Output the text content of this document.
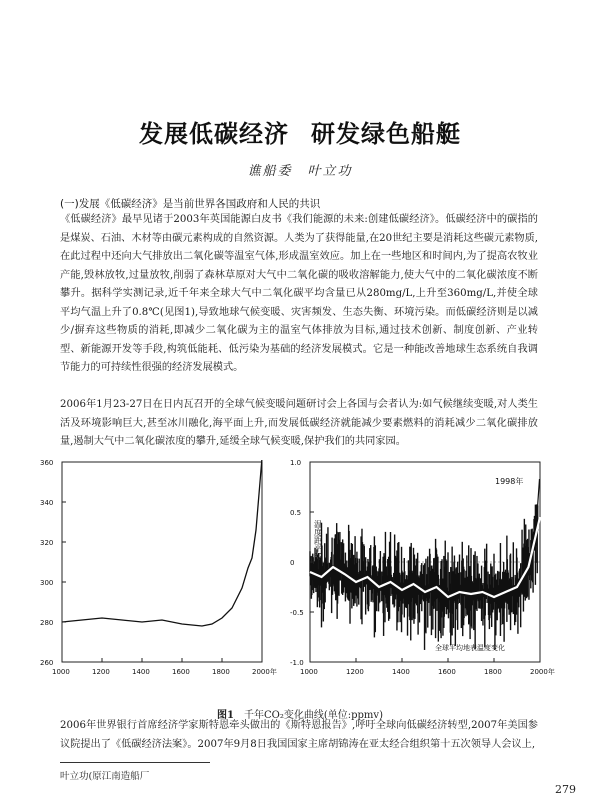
发展低碳经济 研发绿色船艇
谯船委　叶立功
(一)发展《低碳经济》是当前世界各国政府和人民的共识
《低碳经济》最早见诸于2003年英国能源白皮书《我们能源的未来:创建低碳经济》。低碳经济中的碳指的是煤炭、石油、木材等由碳元素构成的自然资源。人类为了获得能量,在20世纪主要是消耗这些碳元素物质,在此过程中还向大气排放出二氧化碳等温室气体,形成温室效应。加上在一些地区和时间内,为了提高农牧业产能,毁林放牧,过量放牧,削弱了森林草原对大气中二氧化碳的吸收溶解能力,使大气中的二氧化碳浓度不断攀升。据科学实测记录,近千年来全球大气中二氧化碳平均含量已从280mg/L,上升至360mg/L,并使全球平均气温上升了0.8℃(见图1),导致地球气候变暖、灾害频发、生态失衡、环境污染。而低碳经济则是以减少/摒弃这些物质的消耗,即减少二氧化碳为主的温室气体排放为目标,通过技术创新、制度创新、产业转型、新能源开发等手段,构筑低能耗、低污染为基础的经济发展模式。它是一种能改善地球生态系统自我调节能力的可持续性很强的经济发展模式。
2006年1月23-27日在日内瓦召开的全球气候变暖问题研讨会上各国与会者认为:如气候继续变暖,对人类生活及环境影响巨大,甚至冰川融化,海平面上升,而发展低碳经济就能减少要素燃料的消耗减少二氧化碳排放量,遏制大气中二氧化碳浓度的攀升,延缓全球气候变暖,保护我们的共同家园。
260
280
300
320
340
360
1000	1200	1400	1600	1800	2000年
1.0
0.5
0
-0.5
-1.0
1000	1200	1400	1600	1800	2000年
1998年
全球平均地表温度变化
温度距平℃
图1 千年CO₂变化曲线(单位:ppmv)
2006年世界银行首席经济学家斯特恩牵头做出的《斯特恩报告》,呼吁全球向低碳经济转型,2007年美国参议院提出了《低碳经济法案》。2007年9月8日我国国家主席胡锦涛在亚太经合组织第十五次领导人会议上,
叶立功(原江南造船厂
279
